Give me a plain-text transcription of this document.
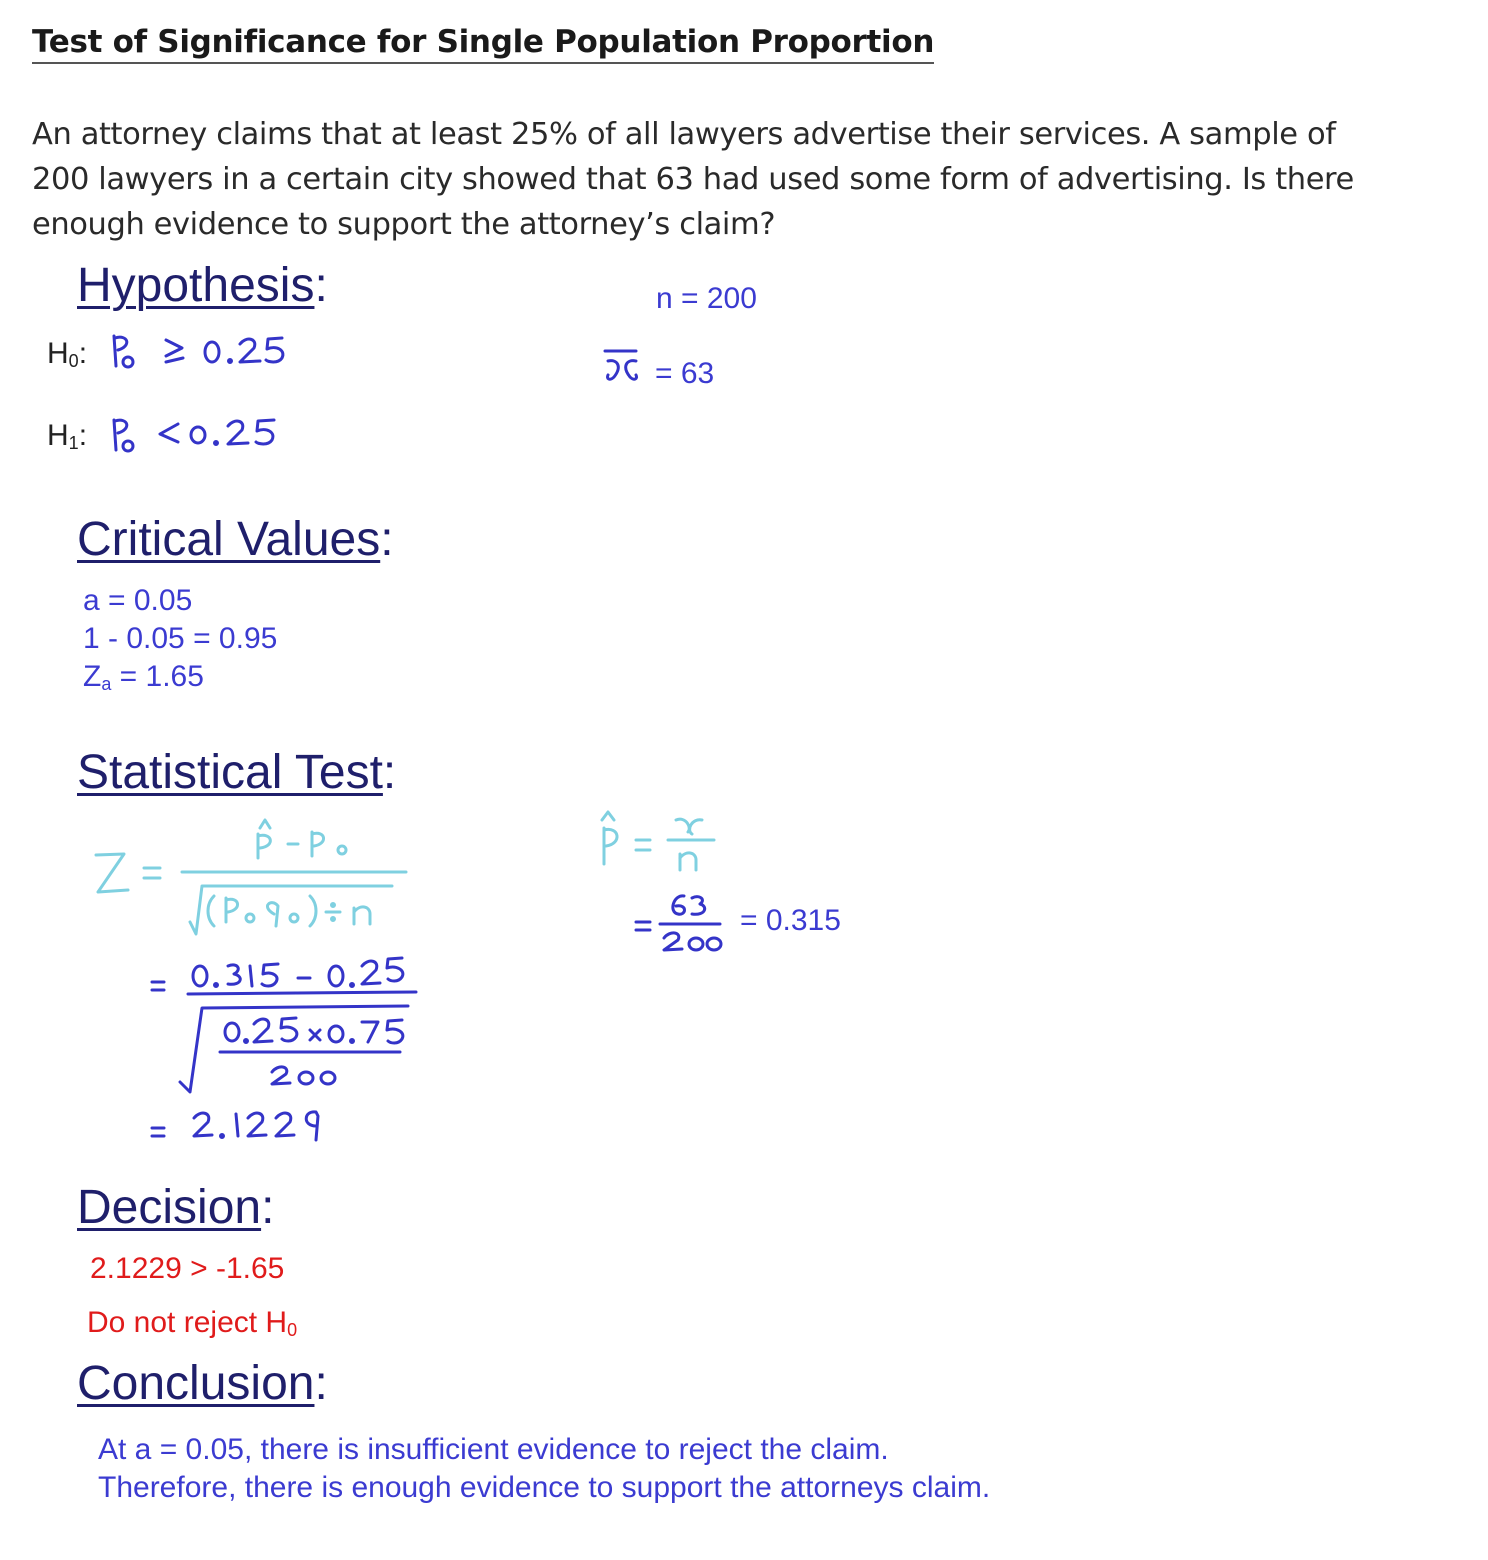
Test of Significance for Single Population Proportion
An attorney claims that at least 25% of all lawyers advertise their services. A sample of
200 lawyers in a certain city showed that 63 had used some form of advertising. Is there
enough evidence to support the attorney’s claim?
Hypothesis:
$H_0$:
$H_1$:
n = 200
= 63
Critical Values:
a = 0.05
1 - 0.05 = 0.95
$Z_a = 1.65$
Statistical Test:
= 0.315
Decision:
2.1229 > -1.65
Do not reject $H_0$
Conclusion:
At a = 0.05, there is insufficient evidence to reject the claim.
Therefore, there is enough evidence to support the attorneys claim.
